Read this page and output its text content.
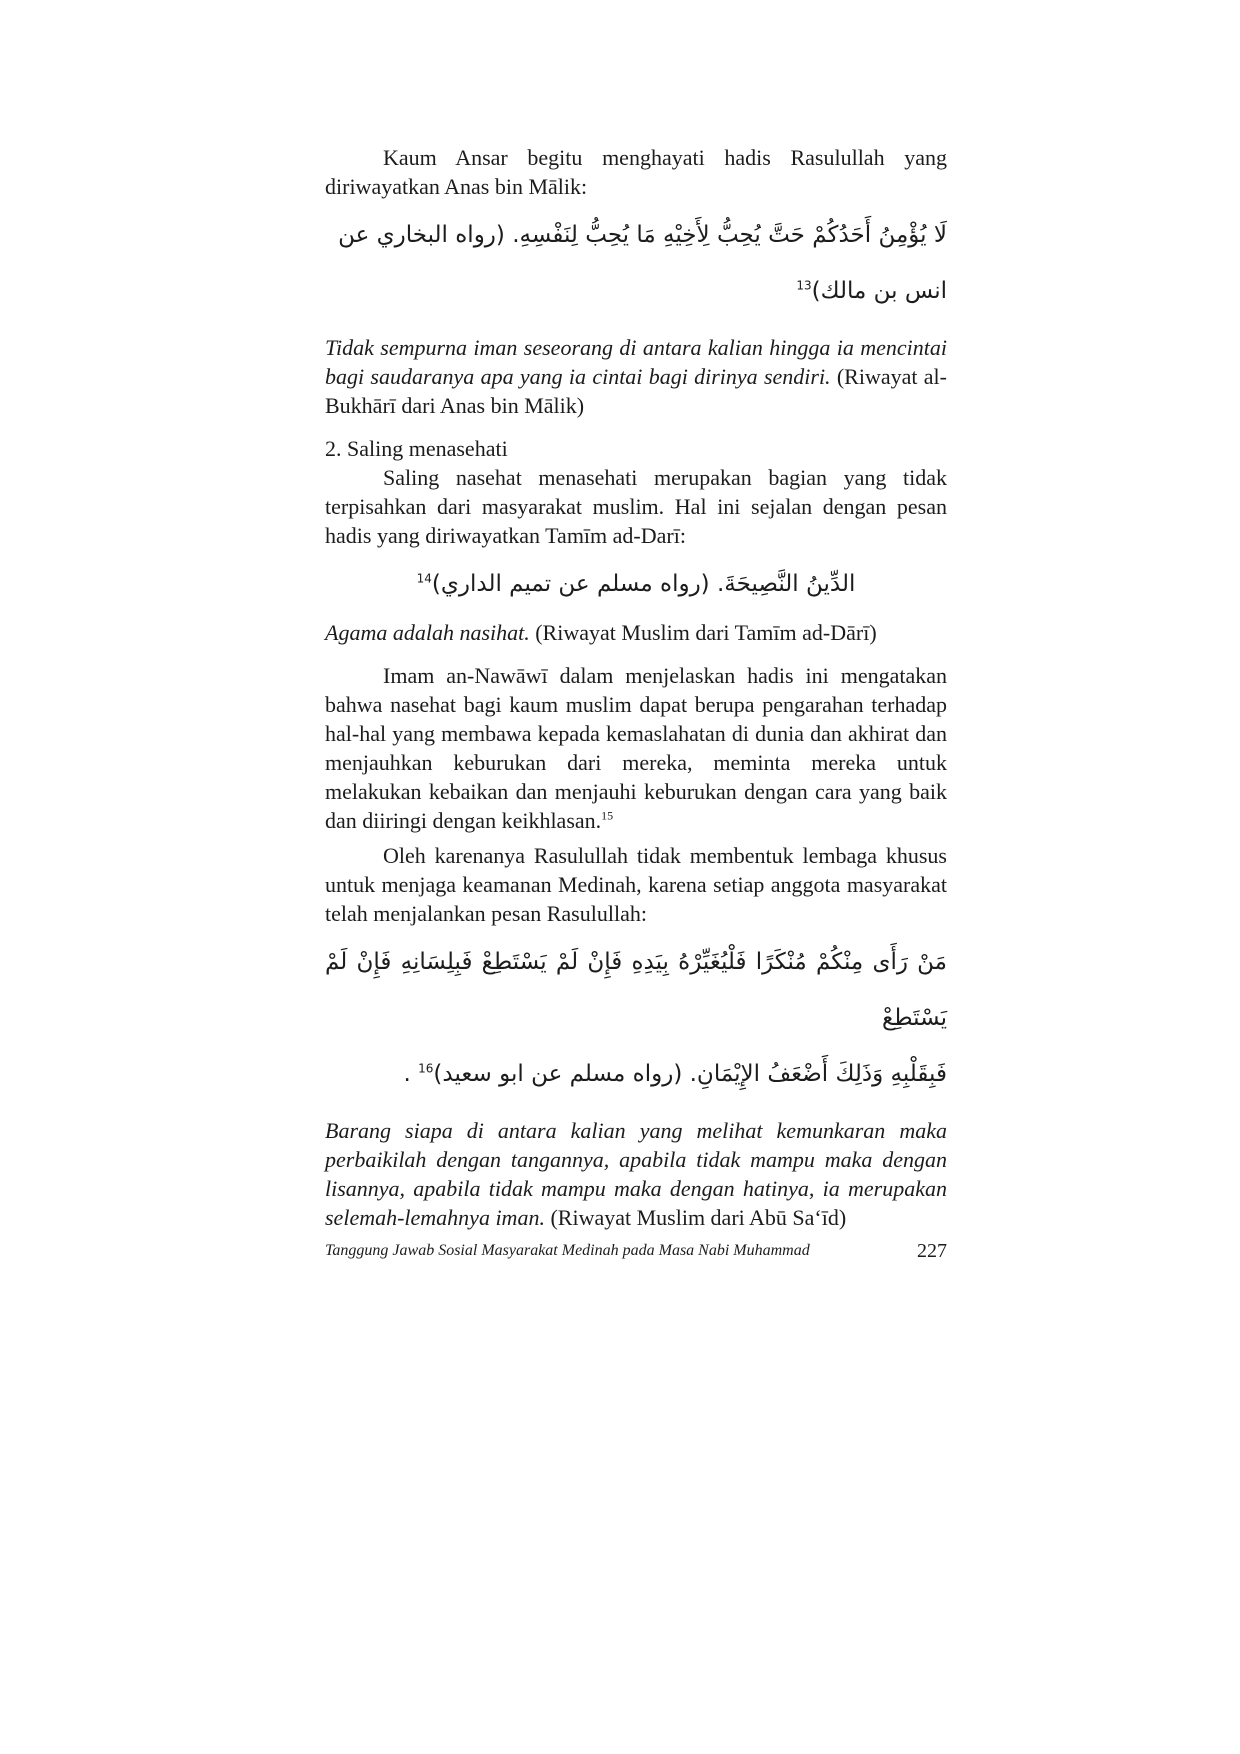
Kaum Ansar begitu menghayati hadis Rasulullah yang diriwayatkan Anas bin Mālik:

لَا يُؤْمِنُ أَحَدُكُمْ حَتَّ يُحِبُّ لِأَخِيْهِ مَا يُحِبُّ لِنَفْسِهِ. (رواه البخاري عن
انس بن مالك)$^{13}$

Tidak sempurna iman seseorang di antara kalian hingga ia mencintai bagi saudaranya apa yang ia cintai bagi dirinya sendiri. (Riwayat al-Bukhārī dari Anas bin Mālik)

2. Saling menasehati

Saling nasehat menasehati merupakan bagian yang tidak terpisahkan dari masyarakat muslim. Hal ini sejalan dengan pesan hadis yang diriwayatkan Tamīm ad-Darī:

الدِّينُ النَّصِيحَةَ. (رواه مسلم عن تميم الداري)$^{14}$

Agama adalah nasihat. (Riwayat Muslim dari Tamīm ad-Dārī)

Imam an-Nawāwī dalam menjelaskan hadis ini mengatakan bahwa nasehat bagi kaum muslim dapat berupa pengarahan terhadap hal-hal yang membawa kepada kemaslahatan di dunia dan akhirat dan menjauhkan keburukan dari mereka, meminta mereka untuk melakukan kebaikan dan menjauhi keburukan dengan cara yang baik dan diiringi dengan keikhlasan.$^{15}$

Oleh karenanya Rasulullah tidak membentuk lembaga khusus untuk menjaga keamanan Medinah, karena setiap anggota masyarakat telah menjalankan pesan Rasulullah:

مَنْ رَأَى مِنْكُمْ مُنْكَرًا فَلْيُغَيِّرْهُ بِيَدِهِ فَإِنْ لَمْ يَسْتَطِعْ فَبِلِسَانِهِ فَإِنْ لَمْ يَسْتَطِعْ
فَبِقَلْبِهِ وَذَلِكَ أَضْعَفُ الإِيْمَانِ. (رواه مسلم عن ابو سعيد)$^{16}$ .

Barang siapa di antara kalian yang melihat kemunkaran maka perbaikilah dengan tangannya, apabila tidak mampu maka dengan lisannya, apabila tidak mampu maka dengan hatinya, ia merupakan selemah-lemahnya iman. (Riwayat Muslim dari Abū Sa‘īd)

Tanggung Jawab Sosial Masyarakat Medinah pada Masa Nabi Muhammad	227
